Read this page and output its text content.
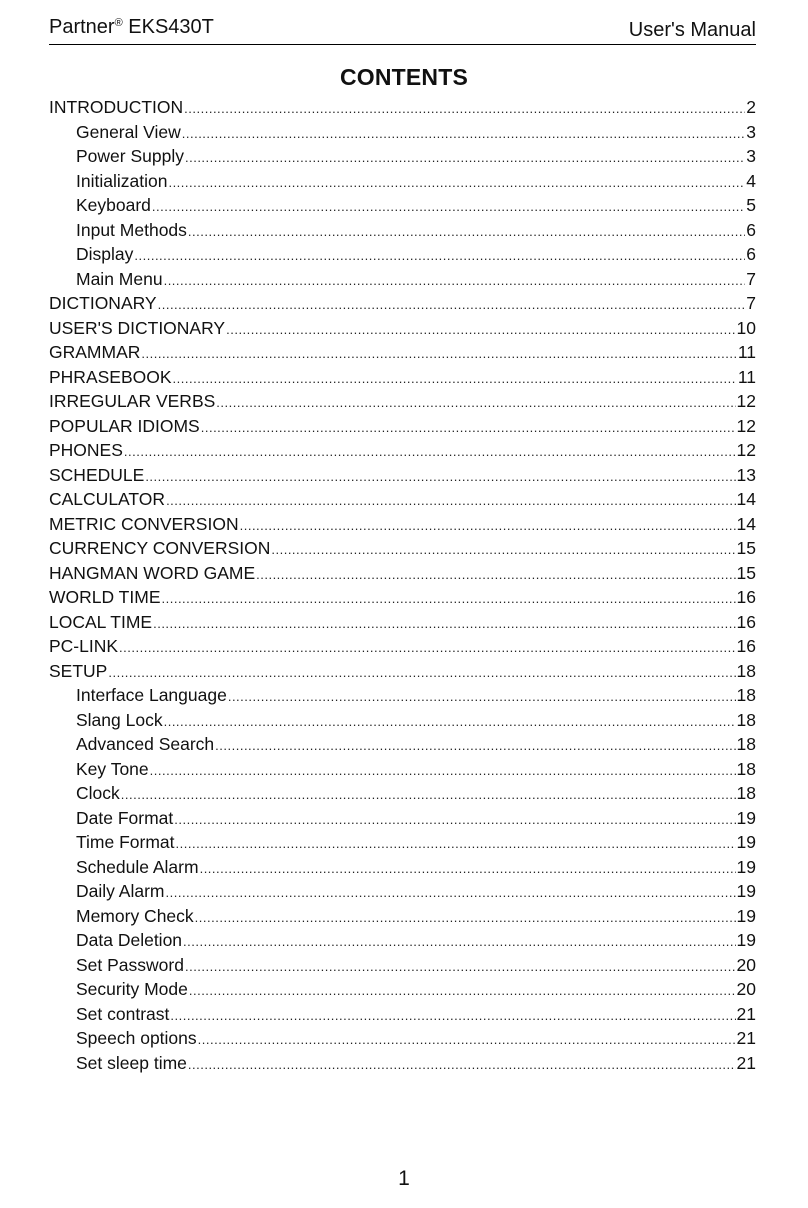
Partner® EKS430T	User's Manual
CONTENTS
INTRODUCTION .....	2
General View .....	3
Power Supply .....	3
Initialization .....	4
Keyboard .....	5
Input Methods .....	6
Display .....	6
Main Menu .....	7
DICTIONARY .....	7
USER'S DICTIONARY .....	10
GRAMMAR .....	11
PHRASEBOOK .....	11
IRREGULAR VERBS .....	12
POPULAR IDIOMS .....	12
PHONES .....	12
SCHEDULE .....	13
CALCULATOR .....	14
METRIC CONVERSION .....	14
CURRENCY CONVERSION .....	15
HANGMAN WORD GAME .....	15
WORLD TIME .....	16
LOCAL TIME .....	16
PC-LINK .....	16
SETUP .....	18
Interface Language .....	18
Slang Lock .....	18
Advanced Search .....	18
Key Tone .....	18
Clock .....	18
Date Format .....	19
Time Format .....	19
Schedule Alarm .....	19
Daily Alarm .....	19
Memory Check .....	19
Data Deletion .....	19
Set Password .....	20
Security Mode .....	20
Set contrast .....	21
Speech options .....	21
Set sleep time .....	21
1
